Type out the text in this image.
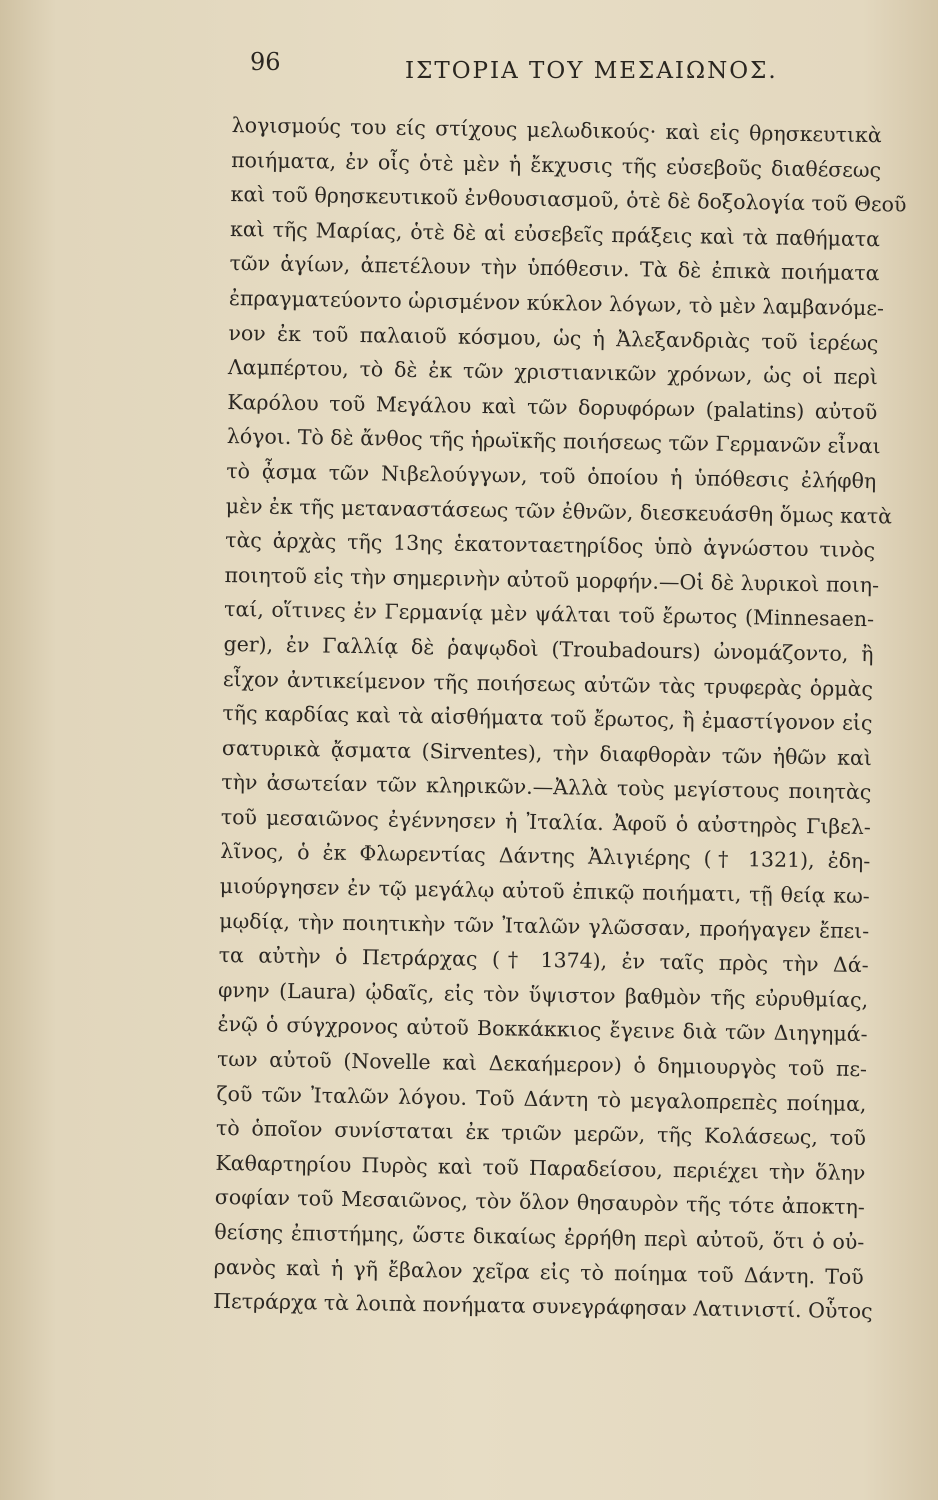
96	ΙΣΤΟΡΙΑ ΤΟΥ ΜΕΣΑΙΩΝΟΣ.
λογισμούς του είς στίχους μελωδικούς· καὶ εἰς θρησκευτικὰ
ποιήματα, ἐν οἷς ὁτὲ μὲν ἡ ἔκχυσις τῆς εὐσεβοῦς διαθέσεως
καὶ τοῦ θρησκευτικοῦ ἐνθουσιασμοῦ, ὁτὲ δὲ δοξολογία τοῦ Θεοῦ
καὶ τῆς Μαρίας, ὁτὲ δὲ αἱ εὐσεβεῖς πράξεις καὶ τὰ παθήματα
τῶν ἁγίων, ἀπετέλουν τὴν ὑπόθεσιν. Τὰ δὲ ἐπικὰ ποιήματα
ἐπραγματεύοντο ὡρισμένον κύκλον λόγων, τὸ μὲν λαμβανόμε-
νον ἐκ τοῦ παλαιοῦ κόσμου, ὡς ἡ Ἀλεξανδριὰς τοῦ ἱερέως
Λαμπέρτου, τὸ δὲ ἐκ τῶν χριστιανικῶν χρόνων, ὡς οἱ περὶ
Καρόλου τοῦ Μεγάλου καὶ τῶν δορυφόρων (palatins) αὐτοῦ
λόγοι. Τὸ δὲ ἄνθος τῆς ἡρωϊκῆς ποιήσεως τῶν Γερμανῶν εἶναι
τὸ ᾆσμα τῶν Νιβελούγγων, τοῦ ὁποίου ἡ ὑπόθεσις ἐλήφθη
μὲν ἐκ τῆς μεταναστάσεως τῶν ἐθνῶν, διεσκευάσθη ὅμως κατὰ
τὰς ἀρχὰς τῆς 13ης ἑκατονταετηρίδος ὑπὸ ἀγνώστου τινὸς
ποιητοῦ εἰς τὴν σημερινὴν αὐτοῦ μορφήν.—Οἱ δὲ λυρικοὶ ποιη-
ταί, οἵτινες ἐν Γερμανίᾳ μὲν ψάλται τοῦ ἔρωτος (Minnesaen-
ger), ἐν Γαλλίᾳ δὲ ῥαψῳδοὶ (Troubadours) ὠνομάζοντο, ἢ
εἶχον ἀντικείμενον τῆς ποιήσεως αὐτῶν τὰς τρυφερὰς ὁρμὰς
τῆς καρδίας καὶ τὰ αἰσθήματα τοῦ ἔρωτος, ἢ ἐμαστίγονον εἰς
σατυρικὰ ᾄσματα (Sirventes), τὴν διαφθορὰν τῶν ἠθῶν καὶ
τὴν ἀσωτείαν τῶν κληρικῶν.—Ἀλλὰ τοὺς μεγίστους ποιητὰς
τοῦ μεσαιῶνος ἐγέννησεν ἡ Ἰταλία. Ἀφοῦ ὁ αὐστηρὸς Γιβελ-
λῖνος, ὁ ἐκ Φλωρεντίας Δάντης Ἀλιγιέρης († 1321), ἐδη-
μιούργησεν ἐν τῷ μεγάλῳ αὐτοῦ ἐπικῷ ποιήματι, τῇ θείᾳ κω-
μῳδίᾳ, τὴν ποιητικὴν τῶν Ἰταλῶν γλῶσσαν, προήγαγεν ἔπει-
τα αὐτὴν ὁ Πετράρχας († 1374), ἐν ταῖς πρὸς τὴν Δά-
φνην (Laura) ᾠδαῖς, εἰς τὸν ὕψιστον βαθμὸν τῆς εὐρυθμίας,
ἐνῷ ὁ σύγχρονος αὐτοῦ Βοκκάκκιος ἔγεινε διὰ τῶν Διηγημά-
των αὐτοῦ (Novelle καὶ Δεκαήμερον) ὁ δημιουργὸς τοῦ πε-
ζοῦ τῶν Ἰταλῶν λόγου. Τοῦ Δάντη τὸ μεγαλοπρεπὲς ποίημα,
τὸ ὁποῖον συνίσταται ἐκ τριῶν μερῶν, τῆς Κολάσεως, τοῦ
Καθαρτηρίου Πυρὸς καὶ τοῦ Παραδείσου, περιέχει τὴν ὅλην
σοφίαν τοῦ Μεσαιῶνος, τὸν ὅλον θησαυρὸν τῆς τότε ἀποκτη-
θείσης ἐπιστήμης, ὥστε δικαίως ἐρρήθη περὶ αὐτοῦ, ὅτι ὁ οὐ-
ρανὸς καὶ ἡ γῆ ἔβαλον χεῖρα εἰς τὸ ποίημα τοῦ Δάντη. Τοῦ
Πετράρχα τὰ λοιπὰ πονήματα συνεγράφησαν Λατινιστί. Οὗτος
